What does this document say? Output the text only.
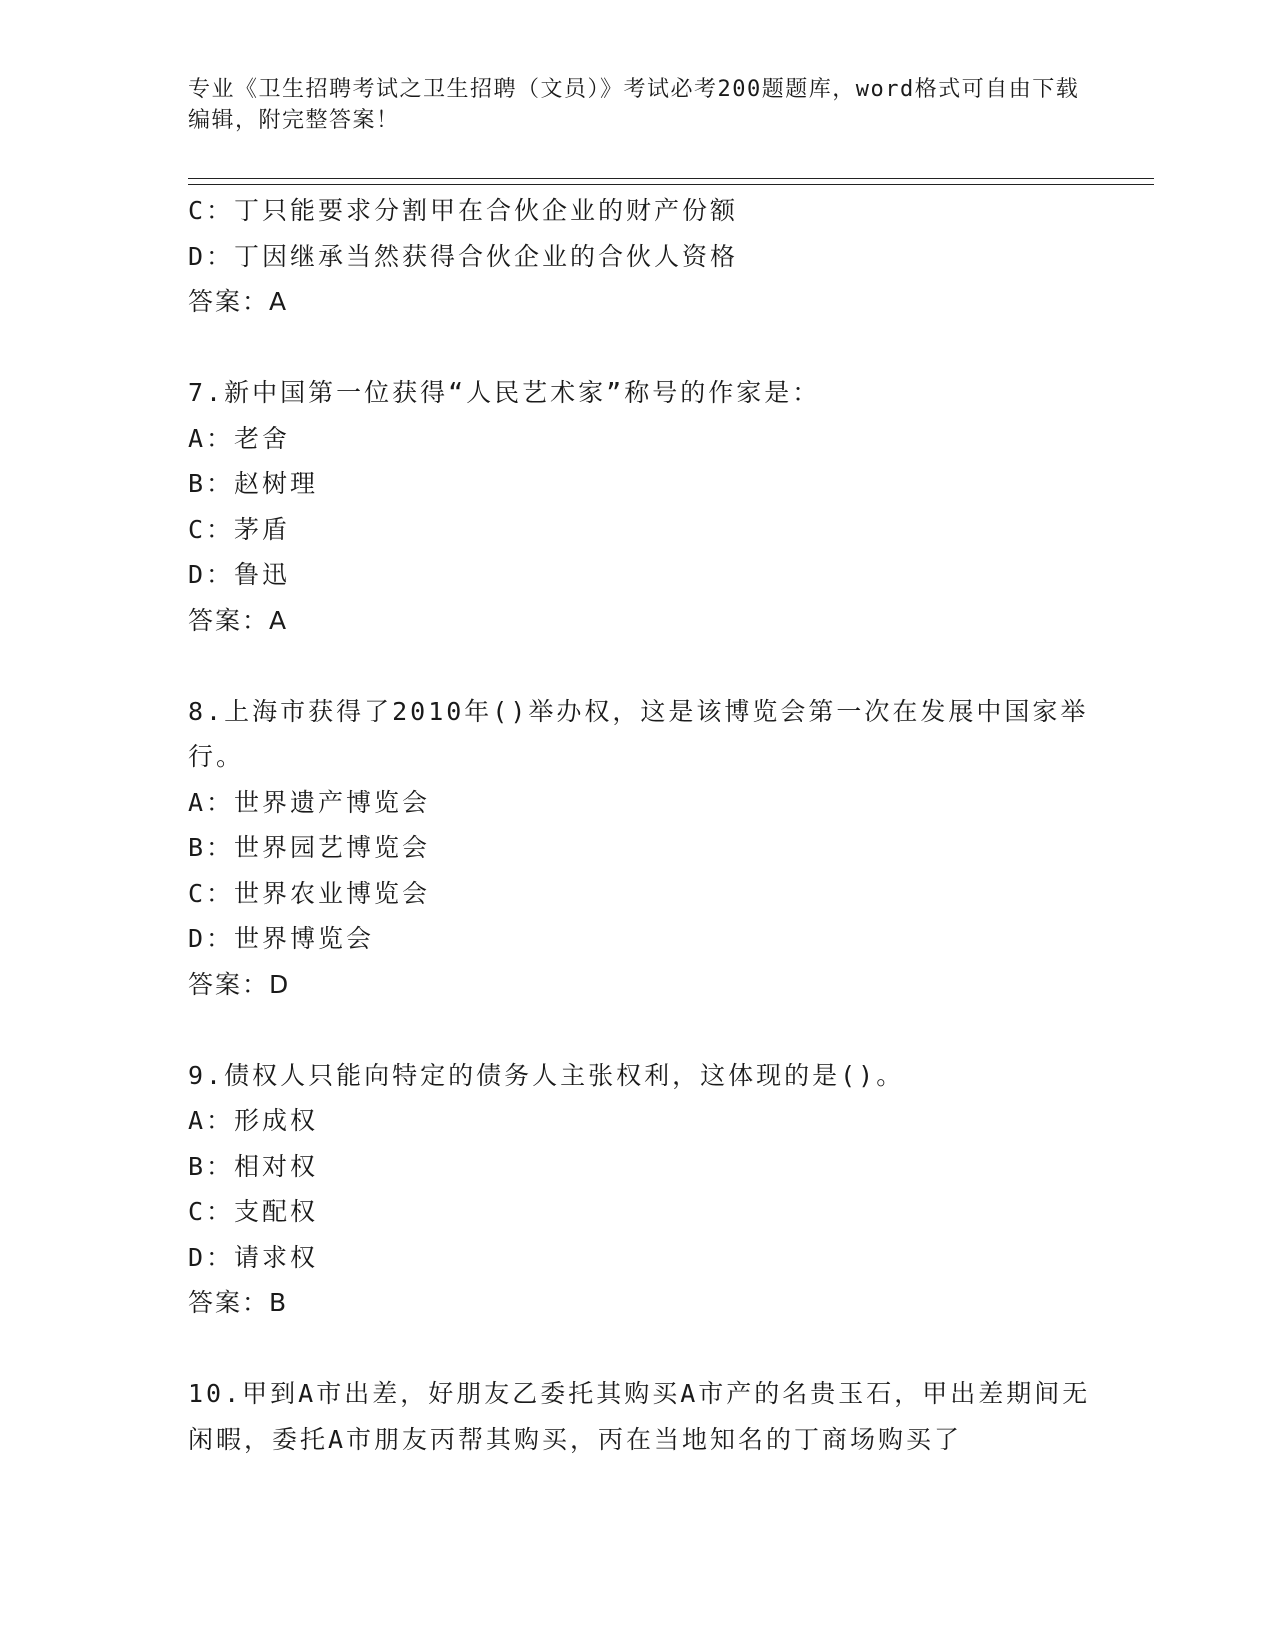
专业《卫生招聘考试之卫生招聘（文员）》考试必考200题题库，word格式可自由下载编辑，附完整答案！
C：丁只能要求分割甲在合伙企业的财产份额
D：丁因继承当然获得合伙企业的合伙人资格
答案：A
7.新中国第一位获得“人民艺术家”称号的作家是：
A：老舍
B：赵树理
C：茅盾
D：鲁迅
答案：A
8.上海市获得了2010年()举办权，这是该博览会第一次在发展中国家举行。
A：世界遗产博览会
B：世界园艺博览会
C：世界农业博览会
D：世界博览会
答案：D
9.债权人只能向特定的债务人主张权利，这体现的是()。
A：形成权
B：相对权
C：支配权
D：请求权
答案：B
10.甲到A市出差，好朋友乙委托其购买A市产的名贵玉石，甲出差期间无闲暇，委托A市朋友丙帮其购买，丙在当地知名的丁商场购买了
